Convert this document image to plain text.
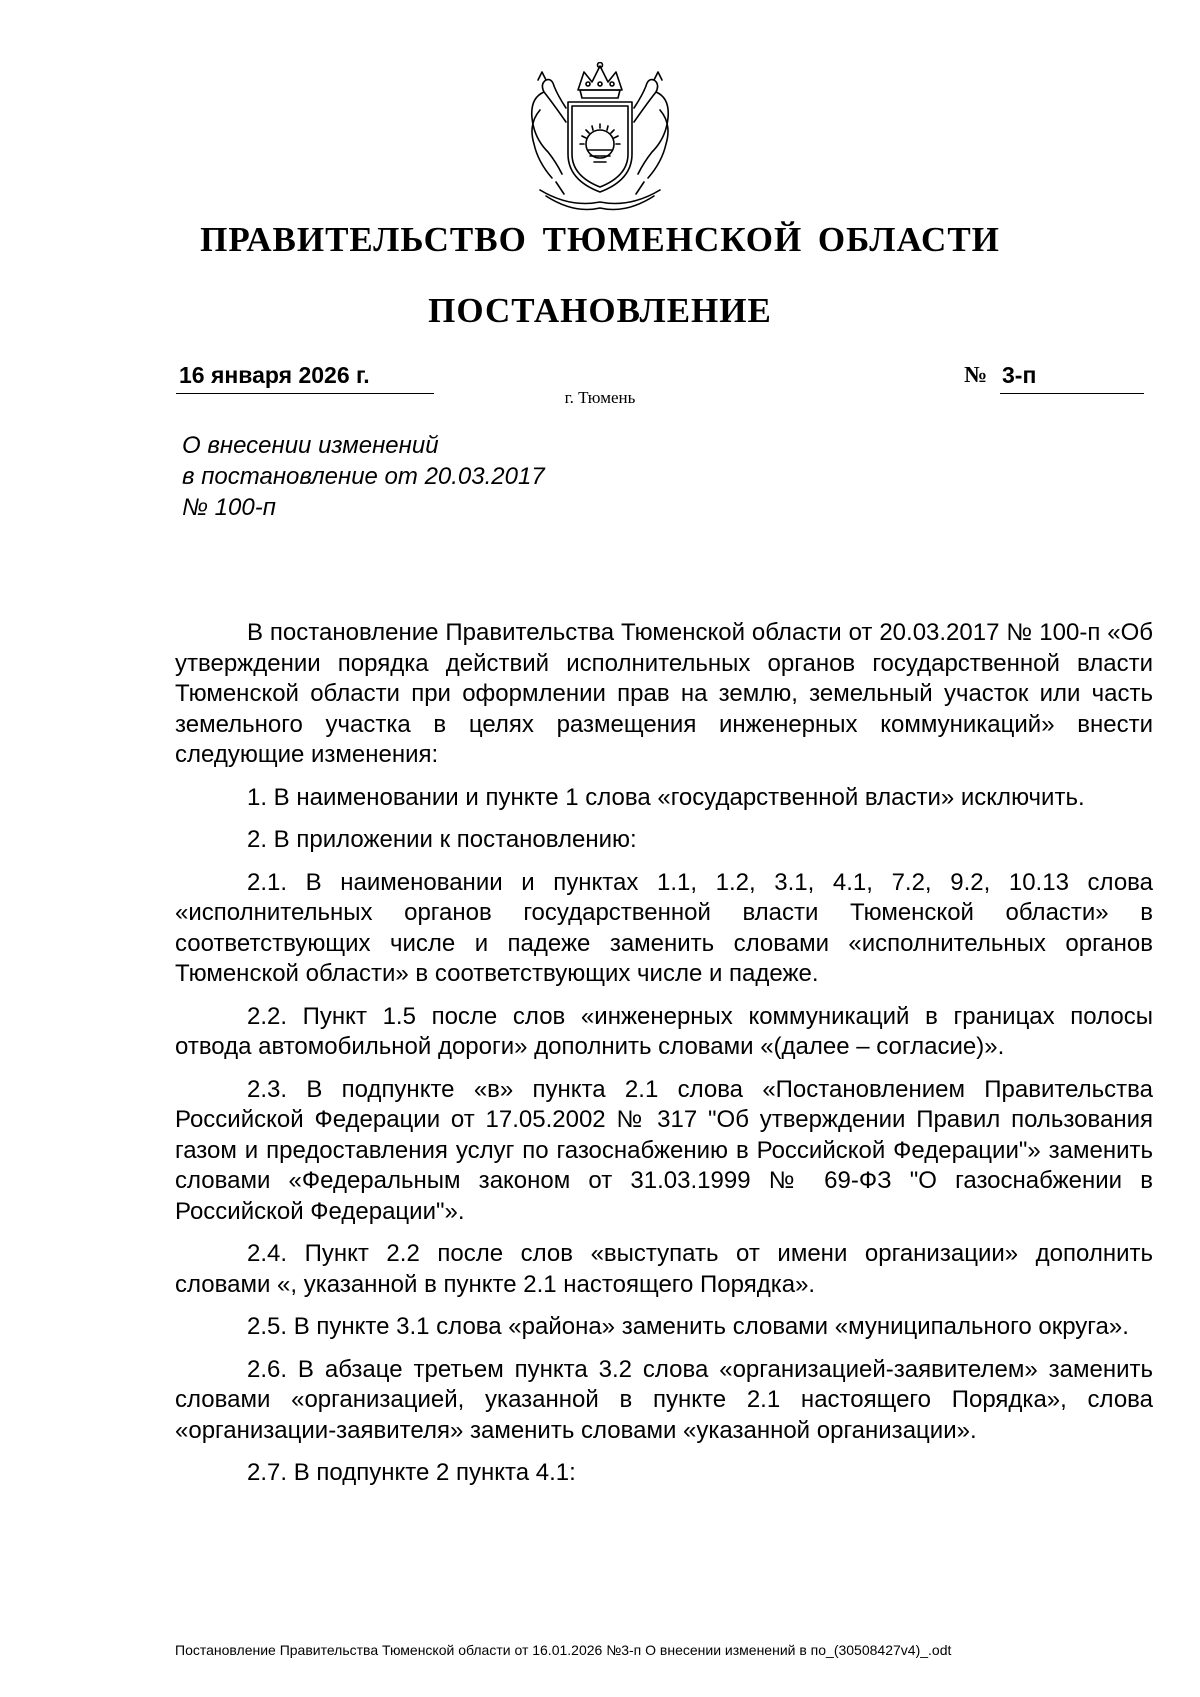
ПРАВИТЕЛЬСТВО ТЮМЕНСКОЙ ОБЛАСТИ
ПОСТАНОВЛЕНИЕ
16 января 2026 г.	№ 3-п
г. Тюмень
О внесении изменений
в постановление от 20.03.2017
№ 100-п

В постановление Правительства Тюменской области от 20.03.2017 № 100-п «Об утверждении порядка действий исполнительных органов государственной власти Тюменской области при оформлении прав на землю, земельный участок или часть земельного участка в целях размещения инженерных коммуникаций» внести следующие изменения:

1. В наименовании и пункте 1 слова «государственной власти» исключить.

2. В приложении к постановлению:

2.1. В наименовании и пунктах 1.1, 1.2, 3.1, 4.1, 7.2, 9.2, 10.13 слова «исполнительных органов государственной власти Тюменской области» в соответствующих числе и падеже заменить словами «исполнительных органов Тюменской области» в соответствующих числе и падеже.

2.2. Пункт 1.5 после слов «инженерных коммуникаций в границах полосы отвода автомобильной дороги» дополнить словами «(далее – согласие)».

2.3. В подпункте «в» пункта 2.1 слова «Постановлением Правительства Российской Федерации от 17.05.2002 № 317 "Об утверждении Правил пользования газом и предоставления услуг по газоснабжению в Российской Федерации"» заменить словами «Федеральным законом от 31.03.1999 № 69-ФЗ "О газоснабжении в Российской Федерации"».

2.4. Пункт 2.2 после слов «выступать от имени организации» дополнить словами «, указанной в пункте 2.1 настоящего Порядка».

2.5. В пункте 3.1 слова «района» заменить словами «муниципального округа».

2.6. В абзаце третьем пункта 3.2 слова «организацией-заявителем» заменить словами «организацией, указанной в пункте 2.1 настоящего Порядка», слова «организации-заявителя» заменить словами «указанной организации».

2.7. В подпункте 2 пункта 4.1:

Постановление Правительства Тюменской области от 16.01.2026 №3-п О внесении изменений в по_(30508427v4)_.odt
